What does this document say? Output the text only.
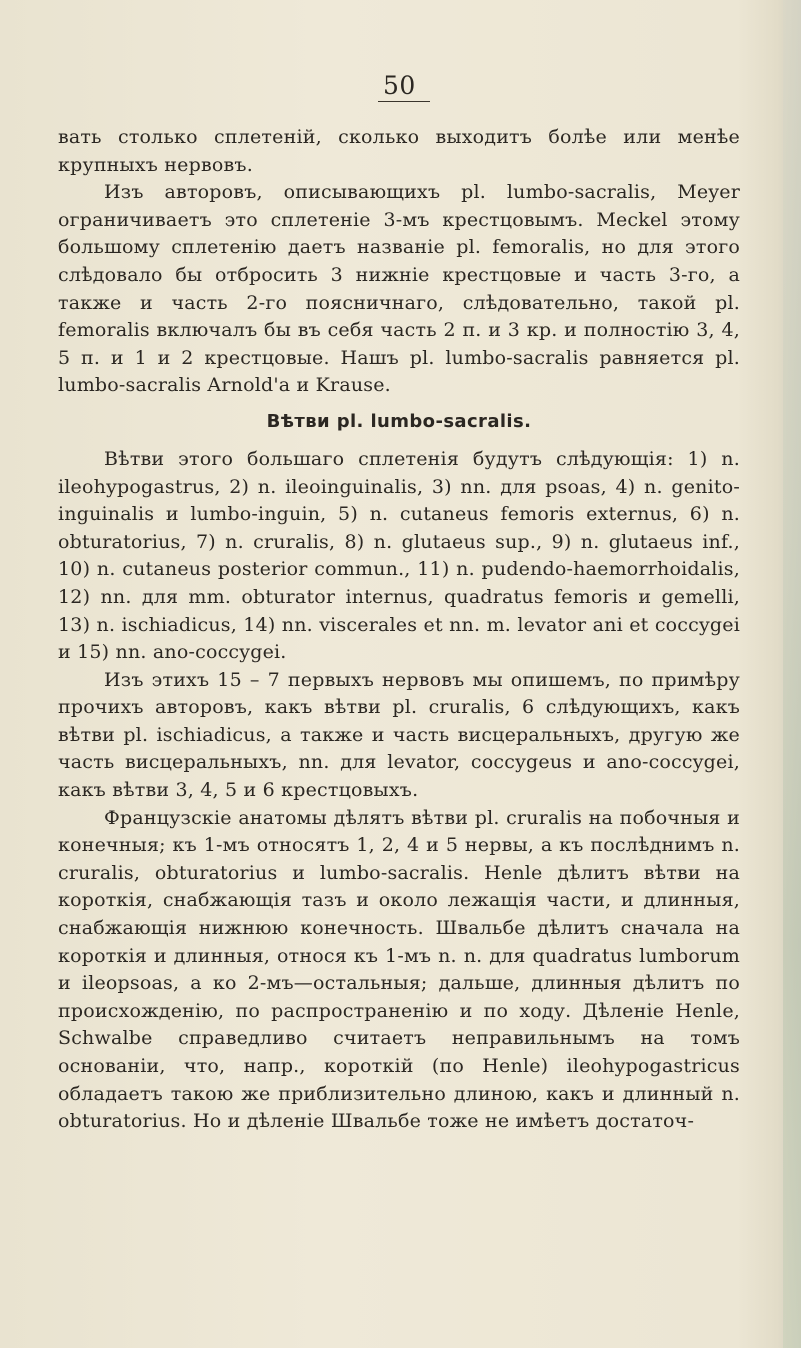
50

вать столько сплетеній, сколько выходитъ болѣе или менѣе крупныхъ нервовъ.

Изъ авторовъ, описывающихъ pl. lumbo-sacralis, Meyer ограничиваетъ это сплетеніе 3-мъ крестцовымъ. Meckel этому большому сплетенію даетъ названіе pl. femoralis, но для этого слѣдовало бы отбросить 3 нижніе крестцовые и часть 3-го, а также и часть 2-го поясничнаго, слѣдовательно, такой pl. femoralis включалъ бы въ себя часть 2 п. и 3 кр. и полностію 3, 4, 5 п. и 1 и 2 крестцовые. Нашъ pl. lumbo-sacralis равняется pl. lumbo-sacralis Arnold'а и Krause.

Вѣтви pl. lumbo-sacralis.

Вѣтви этого большаго сплетенія будутъ слѣдующія: 1) n. ileohypogastrus, 2) n. ileoinguinalis, 3) nn. для psoas, 4) n. genito-inguinalis и lumbo-inguin, 5) n. cutaneus femoris externus, 6) n. obturatorius, 7) n. cruralis, 8) n. glutaeus sup., 9) n. glutaeus inf., 10) n. cutaneus posterior commun., 11) n. pudendo-haemorrhoidalis, 12) nn. для mm. obturator internus, quadratus femoris и gemelli, 13) n. ischiadicus, 14) nn. viscerales et nn. m. levator ani et coccygei и 15) nn. ano-coccygei.

Изъ этихъ 15 – 7 первыхъ нервовъ мы опишемъ, по примѣру прочихъ авторовъ, какъ вѣтви pl. cruralis, 6 слѣдующихъ, какъ вѣтви pl. ischiadicus, а также и часть висцеральныхъ, другую же часть висцеральныхъ, nn. для levator, coccygeus и ano-coccygei, какъ вѣтви 3, 4, 5 и 6 крестцовыхъ.

Французскіе анатомы дѣлятъ вѣтви pl. cruralis на побочныя и конечныя; къ 1-мъ относятъ 1, 2, 4 и 5 нервы, а къ послѣднимъ n. cruralis, obturatorius и lumbo-sacralis. Henle дѣлитъ вѣтви на короткія, снабжающія тазъ и около лежащія части, и длинныя, снабжающія нижнюю конечность. Швальбе дѣлитъ сначала на короткія и длинныя, относя къ 1-мъ n. n. для quadratus lumborum и ileopsoas, а ко 2-мъ—остальныя; дальше, длинныя дѣлитъ по происхожденію, по распространенію и по ходу. Дѣленіе Henle, Schwalbe справедливо считаетъ неправильнымъ на томъ основаніи, что, напр., короткій (по Henle) ileohypogastricus обладаетъ такою же приблизительно длиною, какъ и длинный n. obturatorius. Но и дѣленіе Швальбе тоже не имѣетъ достаточ-
